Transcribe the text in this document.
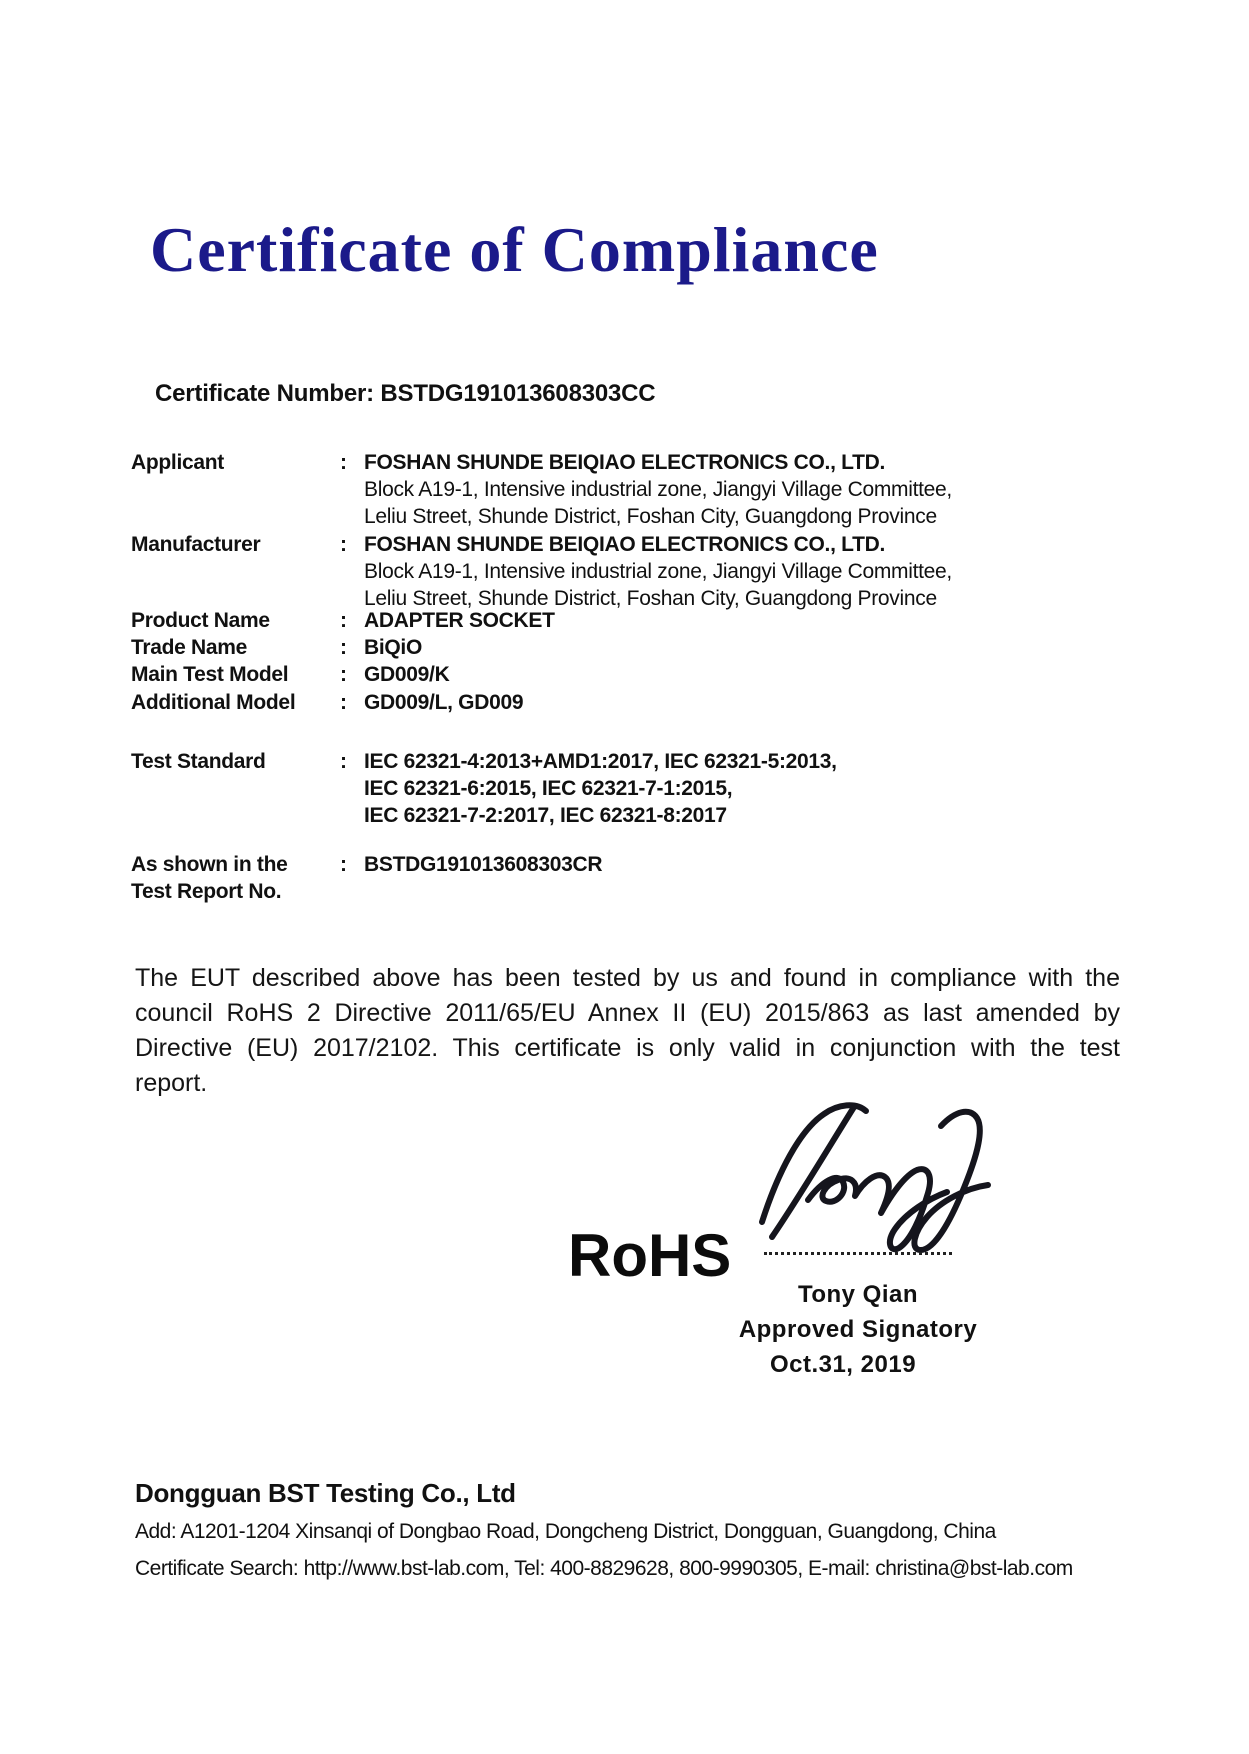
Certificate of Compliance
Certificate Number: BSTDG191013608303CC
Applicant	: FOSHAN SHUNDE BEIQIAO ELECTRONICS CO., LTD.
Block A19-1, Intensive industrial zone, Jiangyi Village Committee,
Leliu Street, Shunde District, Foshan City, Guangdong Province
Manufacturer	: FOSHAN SHUNDE BEIQIAO ELECTRONICS CO., LTD.
Block A19-1, Intensive industrial zone, Jiangyi Village Committee,
Leliu Street, Shunde District, Foshan City, Guangdong Province
Product Name	: ADAPTER SOCKET
Trade Name	: BiQiO
Main Test Model	: GD009/K
Additional Model	: GD009/L, GD009
Test Standard	: IEC 62321-4:2013+AMD1:2017, IEC 62321-5:2013,
IEC 62321-6:2015, IEC 62321-7-1:2015,
IEC 62321-7-2:2017, IEC 62321-8:2017
As shown in the
Test Report No.
: BSTDG191013608303CR
The EUT described above has been tested by us and found in compliance with the
council RoHS 2 Directive 2011/65/EU Annex II (EU) 2015/863 as last amended by
Directive (EU) 2017/2102. This certificate is only valid in conjunction with the test
report.
RoHS
Tony Qian
Approved Signatory
Oct.31, 2019
Dongguan BST Testing Co., Ltd
Add: A1201-1204 Xinsanqi of Dongbao Road, Dongcheng District, Dongguan, Guangdong, China
Certificate Search: http://www.bst-lab.com, Tel: 400-8829628, 800-9990305, E-mail: christina@bst-lab.com
